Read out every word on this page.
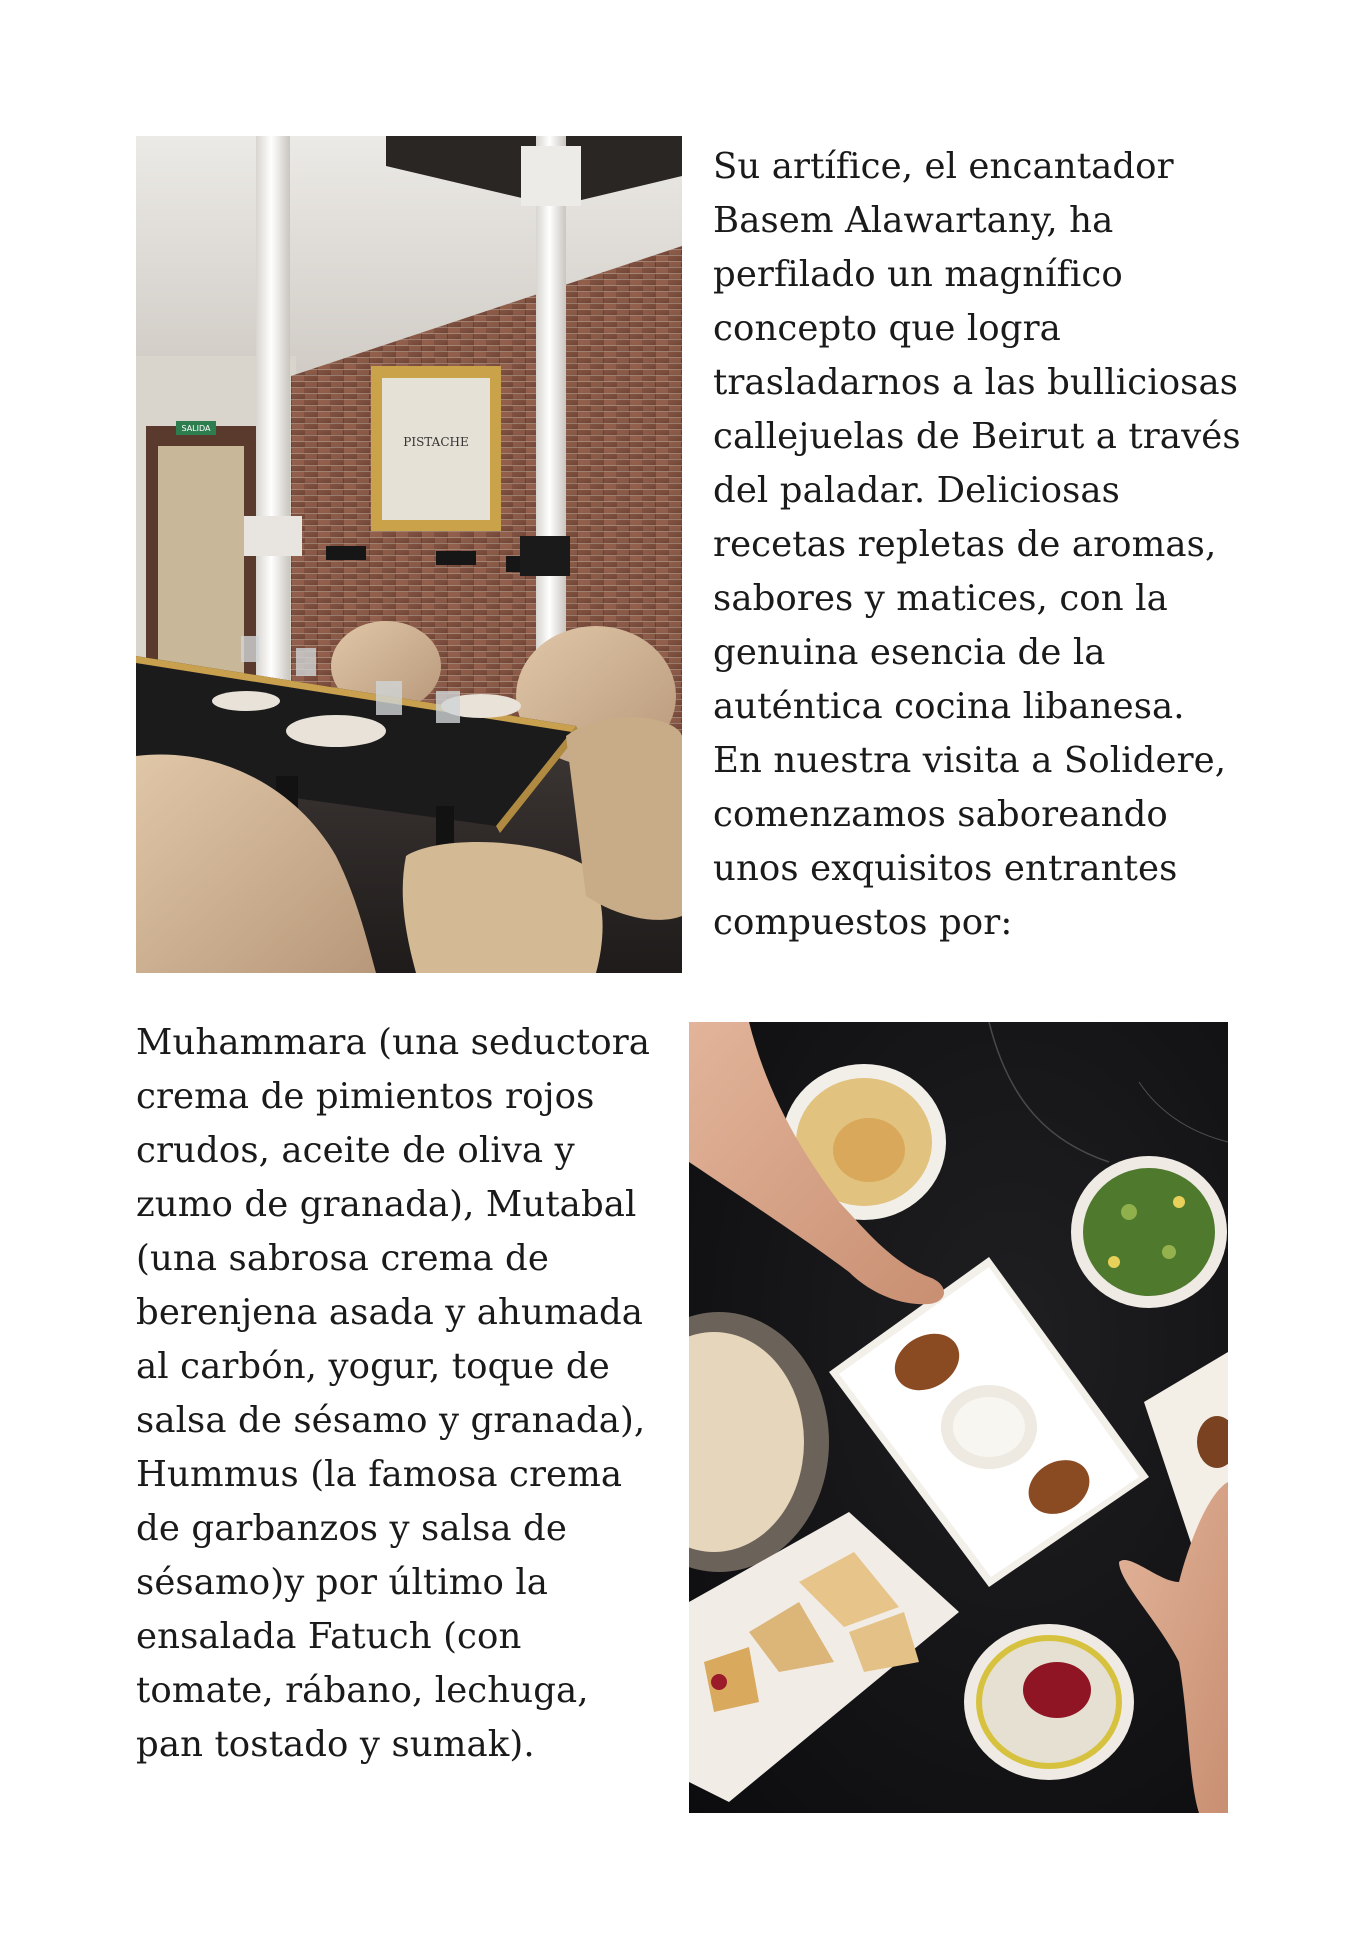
SALIDA
PISTACHE

Su artífice, el encantador
Basem Alawartany, ha
perfilado un magnífico
concepto que logra
trasladarnos a las bulliciosas
callejuelas de Beirut a través
del paladar. Deliciosas
recetas repletas de aromas,
sabores y matices, con la
genuina esencia de la
auténtica cocina libanesa.
En nuestra visita a Solidere,
comenzamos saboreando
unos exquisitos entrantes
compuestos por:

Muhammara (una seductora
crema de pimientos rojos
crudos, aceite de oliva y
zumo de granada), Mutabal
(una sabrosa crema de
berenjena asada y ahumada
al carbón, yogur, toque de
salsa de sésamo y granada),
Hummus (la famosa crema
de garbanzos y salsa de
sésamo)y por último la
ensalada Fatuch (con
tomate, rábano, lechuga,
pan tostado y sumak).
